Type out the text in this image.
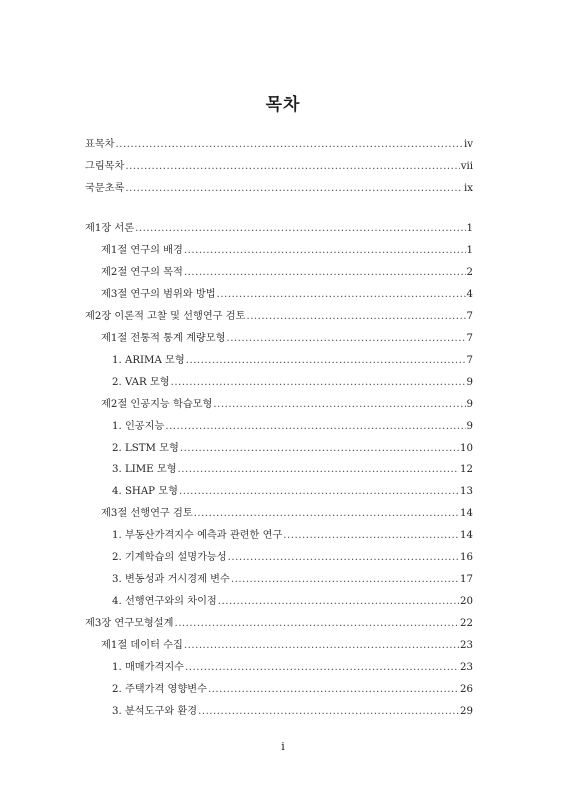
목차
표목차 .....	iv
그림목차 .....	vii
국문초록 .....	ix
제1장 서론 .....	1
제1절 연구의 배경 .....	1
제2절 연구의 목적 .....	2
제3절 연구의 범위와 방법 .....	4
제2장 이론적 고찰 및 선행연구 검토 .....	7
제1절 전통적 통계 계량모형 .....	7
1. ARIMA 모형 .....	7
2. VAR 모형 .....	9
제2절 인공지능 학습모형 .....	9
1. 인공지능 .....	9
2. LSTM 모형 .....	10
3. LIME 모형 .....	12
4. SHAP 모형 .....	13
제3절 선행연구 검토 .....	14
1. 부동산가격지수 예측과 관련한 연구 .....	14
2. 기계학습의 설명가능성 .....	16
3. 변동성과 거시경제 변수 .....	17
4. 선행연구와의 차이점 .....	20
제3장 연구모형설계 .....	22
제1절 데이터 수집 .....	23
1. 매매가격지수 .....	23
2. 주택가격 영향변수 .....	26
3. 분석도구와 환경 .....	29
i
